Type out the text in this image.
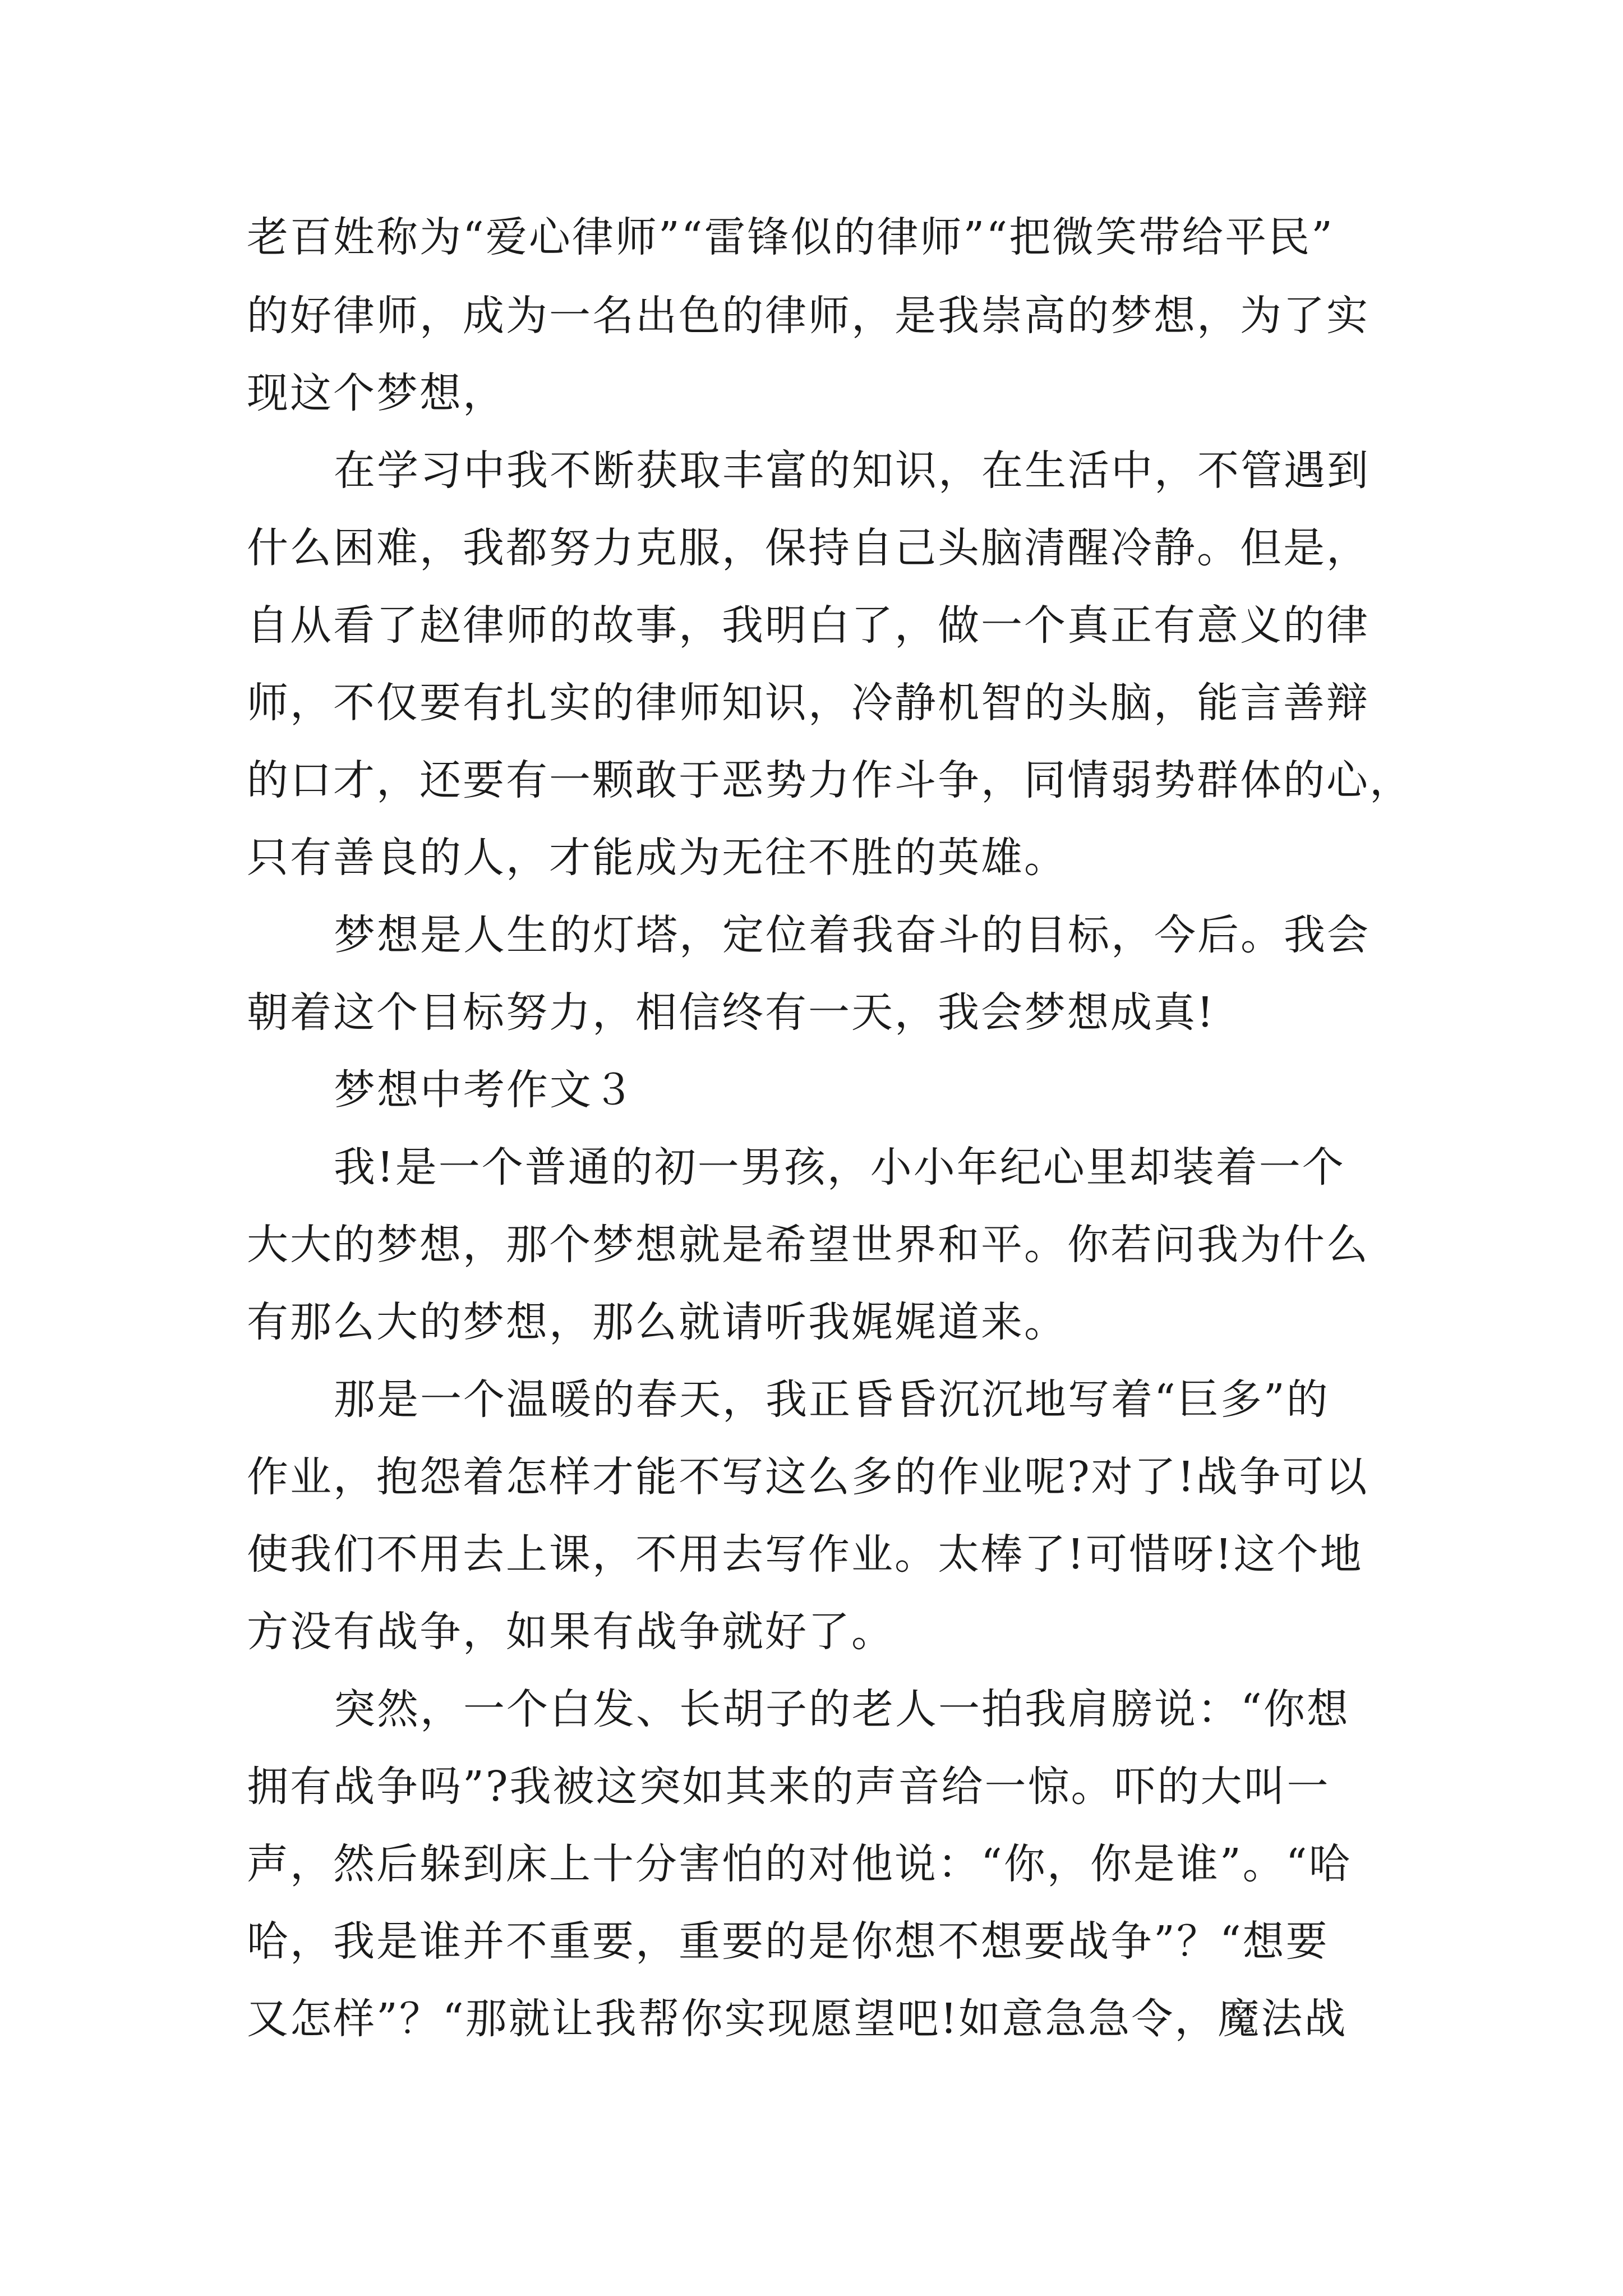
老百姓称为“爱心律师”“雷锋似的律师”“把微笑带给平民”

的好律师，成为一名出色的律师，是我崇高的梦想，为了实

现这个梦想，

在学习中我不断获取丰富的知识，在生活中，不管遇到

什么困难，我都努力克服，保持自己头脑清醒冷静。但是，

自从看了赵律师的故事，我明白了，做一个真正有意义的律

师，不仅要有扎实的律师知识，冷静机智的头脑，能言善辩

的口才，还要有一颗敢于恶势力作斗争，同情弱势群体的心，

只有善良的人，才能成为无往不胜的英雄。

梦想是人生的灯塔，定位着我奋斗的目标，今后。我会

朝着这个目标努力，相信终有一天，我会梦想成真!

梦想中考作文３

我!是一个普通的初一男孩，小小年纪心里却装着一个

大大的梦想，那个梦想就是希望世界和平。你若问我为什么

有那么大的梦想，那么就请听我娓娓道来。

那是一个温暖的春天，我正昏昏沉沉地写着“巨多”的

作业，抱怨着怎样才能不写这么多的作业呢?对了!战争可以

使我们不用去上课，不用去写作业。太棒了!可惜呀!这个地

方没有战争，如果有战争就好了。

突然，一个白发、长胡子的老人一拍我肩膀说：“你想

拥有战争吗”?我被这突如其来的声音给一惊。吓的大叫一

声，然后躲到床上十分害怕的对他说：“你，你是谁”。“哈

哈，我是谁并不重要，重要的是你想不想要战争”？“想要

又怎样”？“那就让我帮你实现愿望吧!如意急急令，魔法战
